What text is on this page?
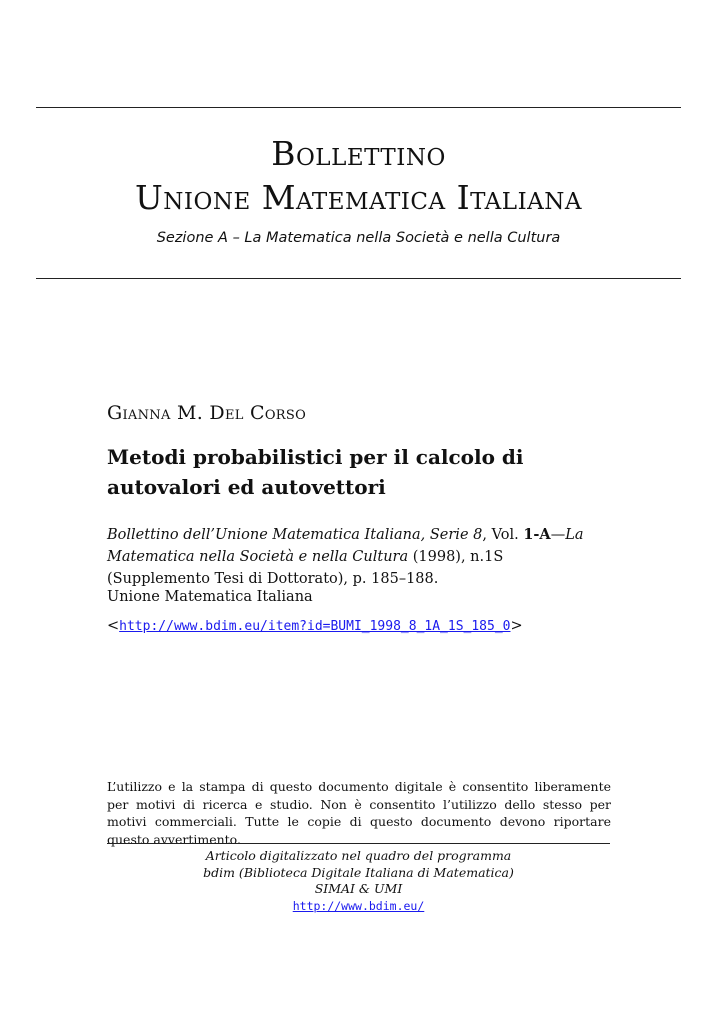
Bollettino
Unione Matematica Italiana
Sezione A – La Matematica nella Società e nella Cultura
Gianna M. Del Corso
Metodi probabilistici per il calcolo di autovalori ed autovettori
Bollettino dell’Unione Matematica Italiana, Serie 8, Vol. 1-A—La Matematica nella Società e nella Cultura (1998), n.1S (Supplemento Tesi di Dottorato), p. 185–188.
Unione Matematica Italiana
<http://www.bdim.eu/item?id=BUMI_1998_8_1A_1S_185_0>
L’utilizzo e la stampa di questo documento digitale è consentito liberamente per motivi di ricerca e studio. Non è consentito l’utilizzo dello stesso per motivi commerciali. Tutte le copie di questo documento devono riportare questo avvertimento.
Articolo digitalizzato nel quadro del programma
bdim (Biblioteca Digitale Italiana di Matematica)
SIMAI & UMI
http://www.bdim.eu/
